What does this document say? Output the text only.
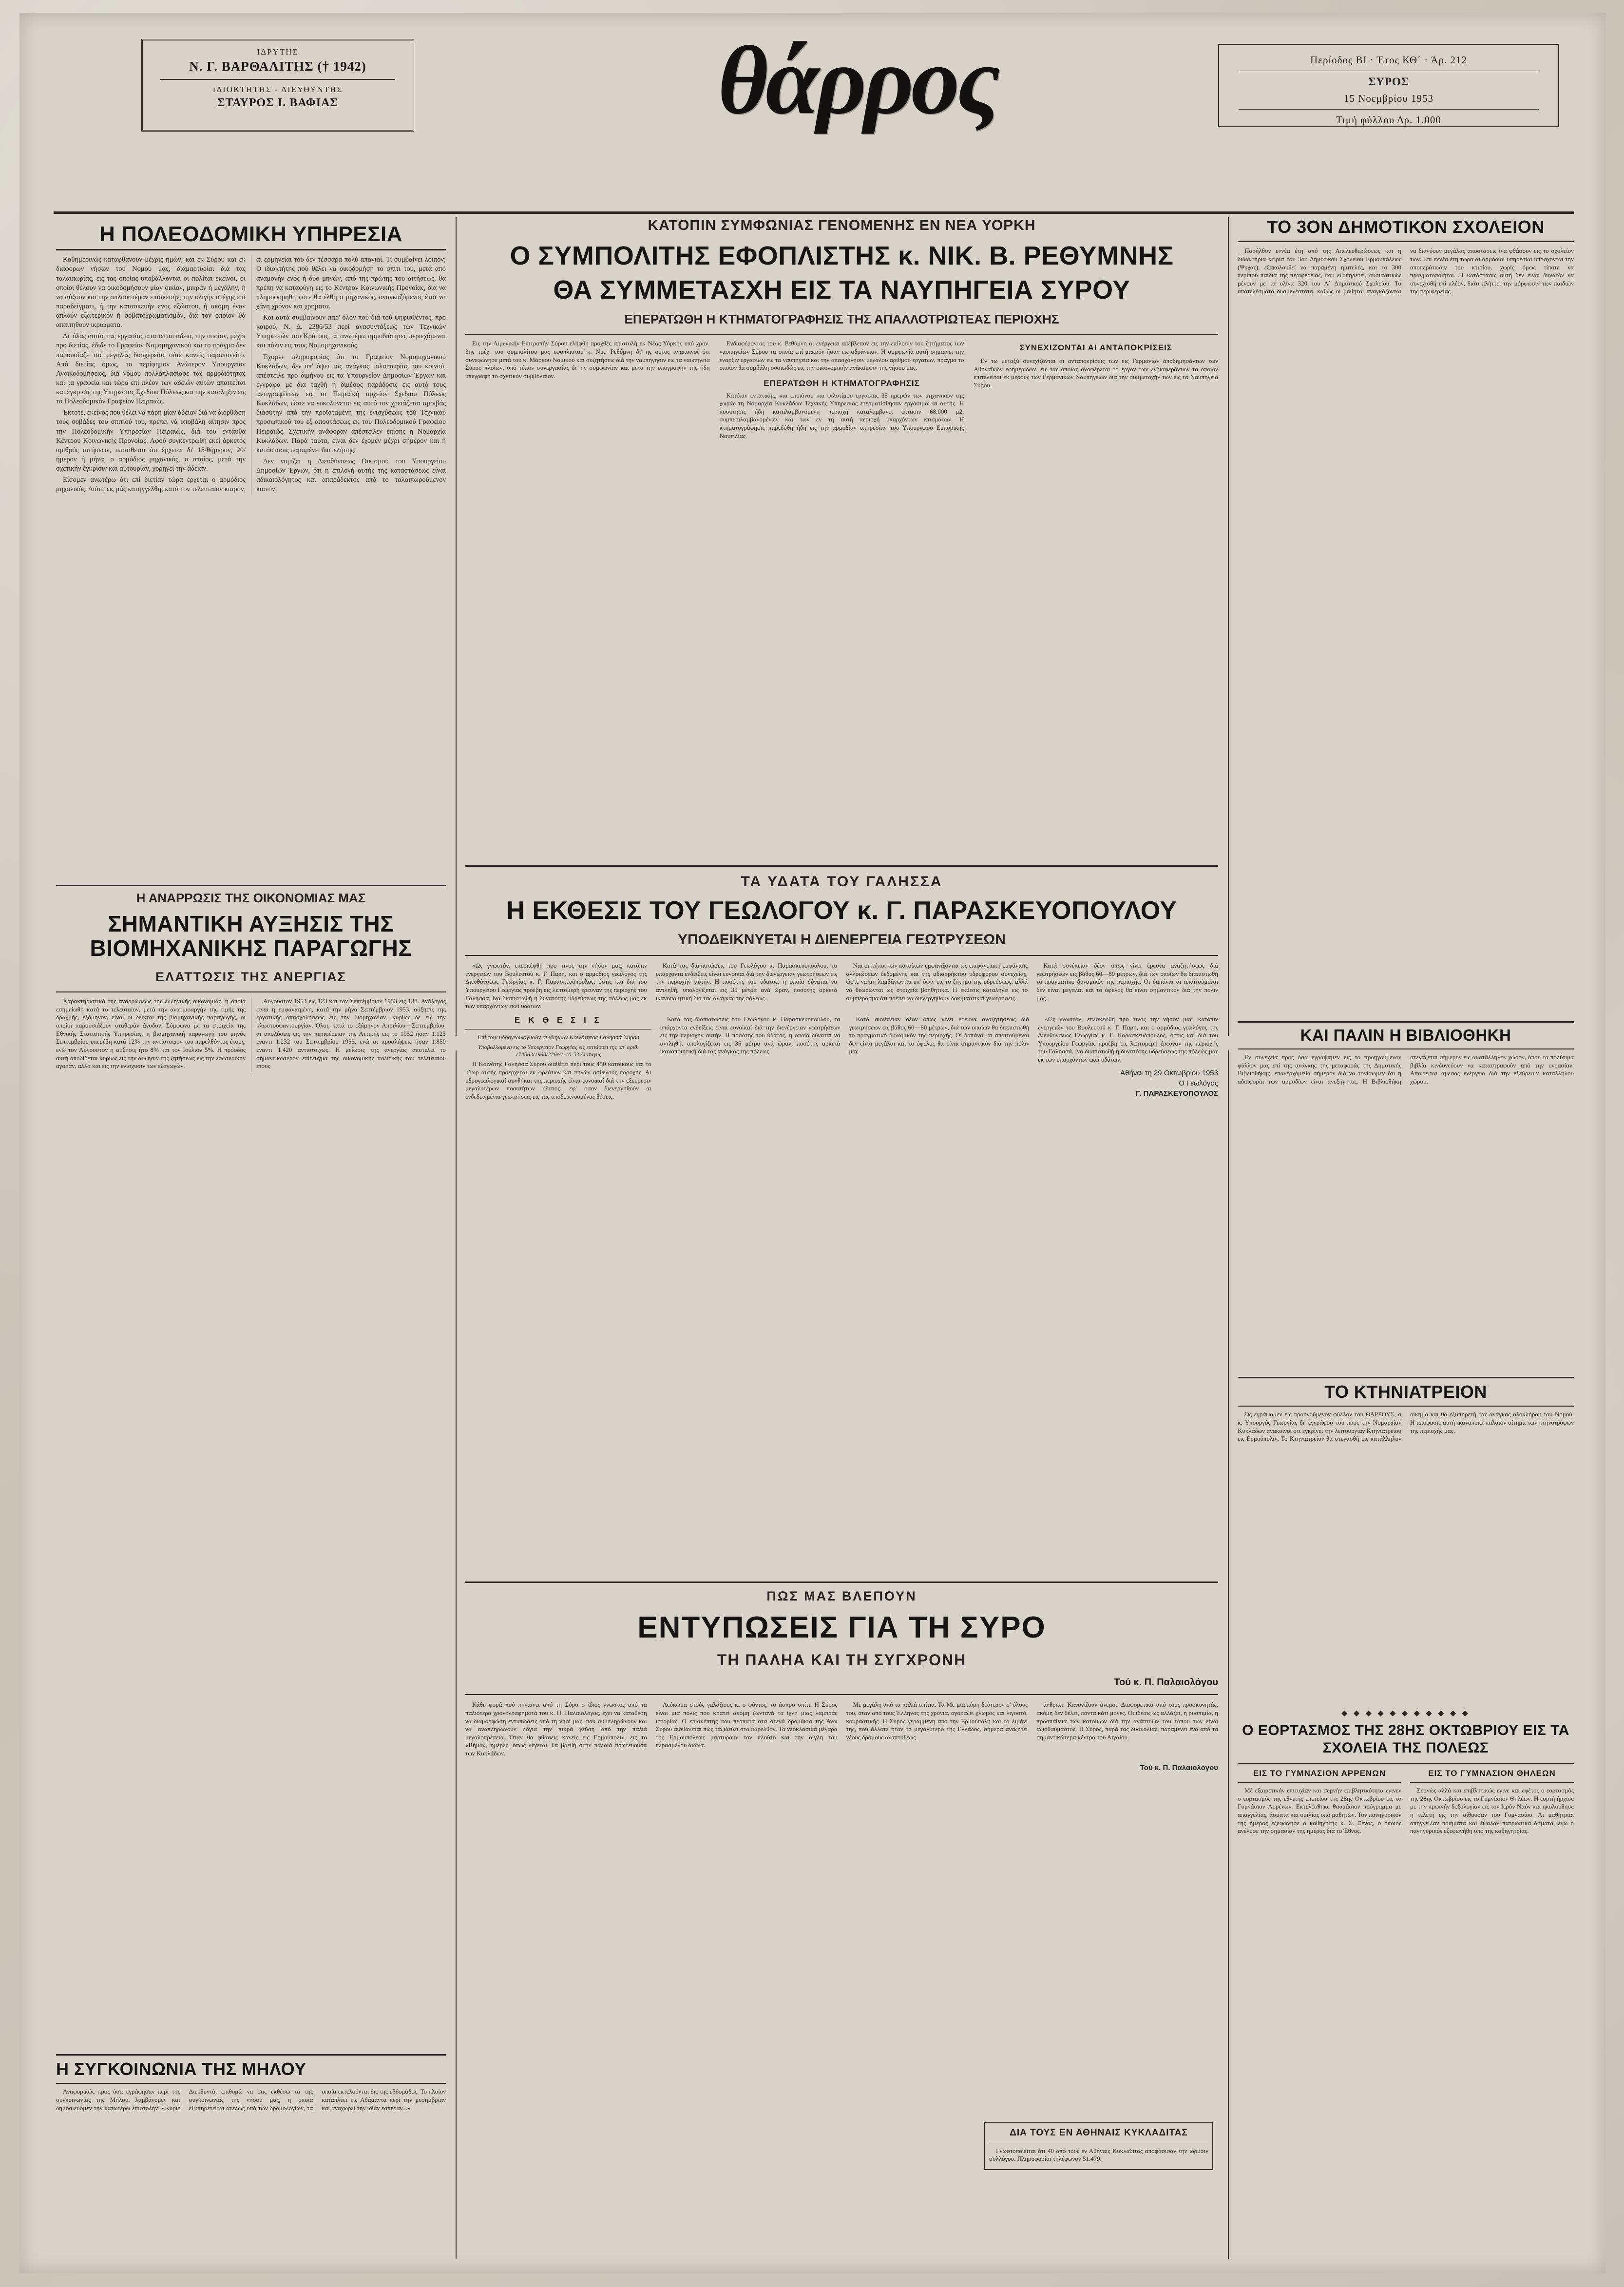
ΙΔΡΥΤΗΣ
Ν. Γ. ΒΑΡΘΑΛΙΤΗΣ († 1942)
ΙΔΙΟΚΤΗΤΗΣ - ΔΙΕΥΘΥΝΤΗΣ
ΣΤΑΥΡΟΣ Ι. ΒΑΦΙΑΣ	θάρρος	Περίοδος ΒΙ · Έτος ΚΘ΄ · Άρ. 212
ΣΥΡΟΣ
15 Νοεμβρίου 1953
Τιμή φύλλου Δρ. 1.000
Η ΠΟΛΕΟΔΟΜΙΚΗ ΥΠΗΡΕΣΙΑ

Καθημερινώς καταφθάνουν μέχρις ημών, και εκ Σύρου και εκ διαφόρων νήσων του Νομού μας, διαμαρτυρίαι διά τας ταλαιπωρίας, εις τας οποίας υποβάλλονται οι πολίται εκείνοι, οι οποίοι θέλουν να οικοδομήσουν μίαν οικίαν, μικράν ή μεγάλην, ή να αύξουν και την απλουστέραν επισκευήν, την ολιγήν στέγης επί παραδείγματι, ή την κατασκευήν ενός εξώστου, ή ακόμη έναν απλούν εξωτερικόν ή σοβατοχρωματισμόν, διά τον οποίον θά απαιτηθούν ικριώματα.

Δι' όλας αυτάς τας εργασίας απαιτείται άδεια, την οποίαν, μέχρι προ διετίας, έδιδε το Γραφείον Νομομηχανικού και το πράγμα δεν παρουσίαζε τας μεγάλας δυσχερείας ούτε κανείς παραπονείτο. Από διετίας όμως, το περίφημον Ανώτερον Υπουργείον Ανοικοδομήσεως, διά νόμου πολλαπλασίασε τας αρμοδιότητας και τα γραφεία και τώρα επί πλέον των αδειών αυτών απαιτείται και έγκρισις της Υπηρεσίας Σχεδίου Πόλεως και την κατάληξιν εις το Πολεοδομικόν Γραφείον Πειραιώς.

Έκτοτε, εκείνος που θέλει να πάρη μίαν άδειαν διά να διορθώση τούς σοβάδες του σπιτιού του, πρέπει νά υποβάλη αίτησιν προς την Πολεοδομικήν Υπηρεσίαν Πειραιώς, διά του εντάυθα Κέντρου Κοινωνικής Προνοίας. Αφού συγκεντρωθή εκεί άρκετός αριθμός αιτήσεων, υποτίθεται ότι έρχεται δι' 15/θήμερον, 20/ήμερον ή μήνα, ο αρμόδιος μηχανικός, ο οποίος, μετά την σχετικήν έγκρισιν και αυτουρίαν, χορηγεί την άδειαν.

Είσομεν ανωτέρω ότι επί διετίαν τώρα έρχεται ο αρμόδιος μηχανικός. Διότι, ως μάς κατηγγέλθη, κατά τον τελευταίον καιρόν, αι ερμηνείαι του δεν τέσσαρα πολύ απανιαί. Τι συμβαίνει λοιπόν; Ο ιδιοκτήτης πού θέλει να οικοδομήση το σπίτι του, μετά από αναμονήν ενός ή δύο μηνών, από της πρώτης του αιτήσεως, θα πρέπη να καταφύγη εις το Κέντρον Κοινωνικής Προνοίας, διά να πληροφορηθή πότε θα έλθη ο μηχανικός, αναγκαζόμενος έτσι να χάνη χρόνον και χρήματα.

Και αυτά συμβαίνουν παρ' όλον πού διά τού ψηφισθέντος, προ καιρού, Ν. Δ. 2386/53 περί ανασυντάξεως των Τεχνικών Υπηρεσιών του Κράτους, αι ανωτέρω αρμοδιότητες περιεχόμεναι και πάλιν εις τους Νομομηχανικούς.

Έχομεν πληροφορίας ότι το Γραφείον Νομομηχανικού Κυκλάδων, δεν υπ' όψει τας ανάγκας ταλαιπωρίας του κοινού, απέστειλε προ διμήνου εις τα Υπουργείον Δημοσίων Έργων και έγγραφα με δια ταχθή ή διμέσος παράδοσις εις αυτό τους αντιγραφέντων εις το Πειραϊκή αρχείον Σχεδίου Πόλεως Κυκλάδων, ώστε να ευκολύνεται εις αυτό τον χρειάζεται αμοιβάς διασύτην από την προϊσταμένη της ενισχύσεως τού Τεχνικού προσωπικού του εξ αποστάσεως εκ του Πολεοδομικού Γραφείου Πειραιώς. Σχετικήν ανάφοραν απέστειλεν επίσης η Νομαρχία Κυκλάδων. Παρά ταύτα, είναι δεν έχομεν μέχρι σήμερον και ή κατάστασις παραμένει διατελήσης.

Δεν νομίζει η Διευθύνσεως Οικισμού του Υπουργείου Δημοσίων Έργων, ότι η επιλογή αυτής της καταστάσεως είναι αδικαιολόγητος και απαράδεκτος από το ταλαιπωρούμενον κοινόν;

Η ΑΝΑΡΡΩΣΙΣ ΤΗΣ ΟΙΚΟΝΟΜΙΑΣ ΜΑΣ
ΣΗΜΑΝΤΙΚΗ ΑΥΞΗΣΙΣ ΤΗΣ ΒΙΟΜΗΧΑΝΙΚΗΣ ΠΑΡΑΓΩΓΗΣ
ΕΛΑΤΤΩΣΙΣ ΤΗΣ ΑΝΕΡΓΙΑΣ

Χαρακτηριστικά της αναρρώσεως της ελληνικής οικονομίας, η οποία εσημείωθη κατά το τελευταίον, μετά την ανατιμοαργήν της τιμής της δραχμής, εξάμηνον, είναι οι δείκται της βιομηχανικής παραγωγής, οι οποίοι παρουσιάζουν σταθεράν άνοδον. Σύμφωνα με τα στοιχεία της Εθνικής Στατιστικής Υπηρεσίας, η βιομηχανική παραγωγή του μηνός Σεπτεμβρίου υπερέβη κατά 12% την αντίστοιχον του παρελθόντος έτους, ενώ τον Αύγουστον η αύξησις ήτο 8% και τον Ιούλιον 5%. Η πρόοδος αυτή αποδίδεται κυρίως εις την αύξησιν της ζητήσεως εις την εσωτερικήν αγοράν, αλλά και εις την ενίσχυσιν των εξαγωγών.

Αύγουστον 1953 εις 123 και τον Σεπτέμβριον 1953 εις 138. Ανάλογος είναι η εμφανισμένη, κατά την μήνα Σεπτέμβριον 1953, αύξησις της εργατικής απασχολήσεως εις την βιομηχανίαν, κυρίως δε εις την κλωστοϋφαντουργίαν. Όλοι, κατά το εξάμηνον Απριλίου—Σεπτεμβρίου, αι απολύσεις εις την περιφέρειαν της Αττικής εις το 1952 ήσαν 1.125 έναντι 1.232 του Σεπτεμβρίου 1953, ενώ αι προσλήψεις ήσαν 1.850 έναντι 1.420 αντιστοίχως. Η μείωσις της ανεργίας αποτελεί το σημαντικώτερον επίτευγμα της οικονομικής πολιτικής του τελευταίου έτους.

Η ΣΥΓΚΟΙΝΩΝΙΑ ΤΗΣ ΜΗΛΟΥ

Αναφορικώς προς όσα εγράφησαν περί της συγκοινωνίας της Μήλου, λαμβάνομεν και δημοσιεύομεν την κατωτέρω επιστολήν: «Κύριε Διευθυντά, επιθυμώ να σας εκθέσω τα της συγκοινωνίας της νήσου μας, η οποία εξυπηρετείται ατελώς υπό των δρομολογίων, τα οποία εκτελούνται δις της εβδομάδος. Το πλοίον καταπλέει εις Αδάμαντα περί την μεσημβρίαν και αναχωρεί την ιδίαν εσπέραν...»

ΚΑΤΟΠΙΝ ΣΥΜΦΩΝΙΑΣ ΓΕΝΟΜΕΝΗΣ ΕΝ ΝΕΑ ΥΟΡΚΗ
Ο ΣΥΜΠΟΛΙΤΗΣ ΕΦΟΠΛΙΣΤΗΣ κ. ΝΙΚ. Β. ΡΕΘΥΜΝΗΣ
ΘΑ ΣΥΜΜΕΤΑΣΧΗ ΕΙΣ ΤΑ ΝΑΥΠΗΓΕΙΑ ΣΥΡΟΥ
ΕΠΕΡΑΤΩΘΗ Η ΚΤΗΜΑΤΟΓΡΑΦΗΣΙΣ ΤΗΣ ΑΠΑΛΛΟΤΡΙΩΤΕΑΣ ΠΕΡΙΟΧΗΣ

Εις την Λιμενικήν Επιτροπήν Σύρου ελήφθη προχθές απιστολή εκ Νέας Υόρκης υπό χρον. 3ης τρέχ. του συμπολίτου μας εφοπλιστού κ. Νικ. Ρεθύμνη δι' ης ούτος ανακοινοί ότι συνεφώνησε μετά του κ. Μάρκου Νομικού και συζητήσεις διά την ναυπήγησιν εις τα ναυπηγεία Σύρου πλοίων, υπό τύπον συνεργασίας δι' ην συμφωνίαν και μετά την υπογραφήν της ήδη υπεγράφη το σχετικόν συμβόλαιον.

Ενδιαφέροντος του κ. Ρεθύμνη αι ενέργειαι απέβλεπον εις την επίλυσιν του ζητήματος των ναυπηγείων Σύρου τα οποία επί μακρόν ήσαν εις αδράνειαν. Η συμφωνία αυτή σημαίνει την έναρξιν εργασιών εις τα ναυπηγεία και την απασχόλησιν μεγάλου αριθμού εργατών, πράγμα το οποίον θα συμβάλη ουσιωδώς εις την οικονομικήν ανάκαμψιν της νήσου μας.

ΕΠΕΡΑΤΩΘΗ Η ΚΤΗΜΑΤΟΓΡΑΦΗΣΙΣ

Κατόπιν εντατικής, και επιπόνου και φιλοτίμου εργασίας 35 ημερών των μηχανικών της χωράς τη Νομαρχία Κυκλάδων Τεχνικής Υπηρεσίας ετερματίσθησαν εργάσιμοι αι αυτής. Η ποσότησις ήδη καταλαμβανόμενη περιοχή καταλαμβάνει έκτασιν 68.000 μ2, συμπεριλαμβανομένων και των εν τη αυτή περιοχή υπαρχόντων κτισμάτων. Η κτηματογράφησις παρεδόθη ήδη εις την αρμοδίαν υπηρεσίαν του Υπουργείου Εμπορικής Ναυτιλίας.

ΣΥΝΕΧΙΖΟΝΤΑΙ ΑΙ ΑΝΤΑΠΟΚΡΙΣΕΙΣ

Εν τω μεταξύ συνεχίζονται αι ανταποκρίσεις των εις Γερμανίαν άποδημησάντων των Αθηναϊκών εφημερίδων, εις τας οποίας αναφέρεται το έργον των ενδιαφερόντων το οποίον επιτελείται εκ μέρους των Γερμανικών Ναυπηγείων διά την συμμετοχήν των εις τα Ναυπηγεία Σύρου.

ΤΟ 3ΟΝ ΔΗΜΟΤΙΚΟΝ ΣΧΟΛΕΙΟΝ

Παρήλθον εννέα έτη από της Απελευθερώσεως και η διδακτήρια κτίρια του 3ου Δημοτικού Σχολείου Ερμουπόλεως (Ψυχάς), εξακολουθεί να παραμένη ημιτελές, και το 300 περίπου παιδιά της περιφερείας, που εξυπηρετεί, ουσιαστικώς μένουν με τα ολίγα 320 του Α΄ Δημοτικού Σχολείου. Το αποτελέσματα δυσμενέστατα, καθώς οι μαθηταί αναγκάζονται να διανύουν μεγάλας αποστάσεις ίνα φθάσουν εις το σχολείον των. Επί εννέα έτη τώρα αι αρμόδιαι υπηρεσίαι υπόσχονται την αποπεράτωσιν του κτιρίου, χωρίς όμως τίποτε να πραγματοποιήται. Η κατάστασις αυτή δεν είναι δυνατόν να συνεχισθή επί πλέον, διότι πλήττει την μόρφωσιν των παιδιών της περιφερείας.

ΚΑΙ ΠΑΛΙΝ Η ΒΙΒΛΙΟΘΗΚΗ

Εν συνεχεία προς όσα εγράψαμεν εις το προηγούμενον φύλλον μας επί της ανάγκης της μεταφοράς της Δημοτικής Βιβλιοθήκης, επανερχόμεθα σήμερον διά να τονίσωμεν ότι η αδιαφορία των αρμοδίων είναι ανεξήγητος. Η Βιβλιοθήκη στεγάζεται σήμερον εις ακατάλληλον χώρον, όπου τα πολύτιμα βιβλία κινδυνεύουν να καταστραφούν από την υγρασίαν. Απαιτείται άμεσος ενέργεια διά την εξεύρεσιν καταλλήλου χώρου.

ΤΟ ΚΤΗΝΙΑΤΡΕΙΟΝ

Ως εγράψαμεν εις προηγούμενον φύλλον του ΘΑΡΡΟΥΣ, ο κ. Υπουργός Γεωργίας δι' εγγράφου του προς την Νομαρχίαν Κυκλάδων ανακοινοί ότι εγκρίνει την λειτουργίαν Κτηνιατρείου εις Ερμούπολιν. Το Κτηνιατρείον θα στεγασθή εις κατάλληλον οίκημα και θα εξυπηρετή τας ανάγκας ολοκλήρου του Νομού. Η απόφασις αυτή ικανοποιεί παλαιόν αίτημα των κτηνοτρόφων της περιοχής μας.

◆ ◆ ◆ ◆ ◆ ◆ ◆ ◆ ◆ ◆ ◆
Ο ΕΟΡΤΑΣΜΟΣ ΤΗΣ 28ΗΣ ΟΚΤΩΒΡΙΟΥ ΕΙΣ ΤΑ ΣΧΟΛΕΙΑ ΤΗΣ ΠΟΛΕΩΣ
ΕΙΣ ΤΟ ΓΥΜΝΑΣΙΟΝ ΑΡΡΕΝΩΝ

Μέ εξαιρετικήν επιτυχίαν και σεμνήν επιβλητικότητα εγινεν ο εορτασμός της εθνικής επετείου της 28ης Οκτωβρίου εις το Γυμνάσιον Αρρένων. Εκτελέσθηκε θαυμάσιον πρόγραμμα με απαγγελίας, άσματα και ομιλίας υπό μαθητών. Τον πανηγυρικόν της ημέρας εξεφώνησε ο καθηγητής κ. Σ. Ξένος, ο οποίος ανέλυσε την σημασίαν της ημέρας διά το Έθνος.

ΕΙΣ ΤΟ ΓΥΜΝΑΣΙΟΝ ΘΗΛΕΩΝ

Σεμνώς αλλά και επιβλητικώς εγινε και εφέτος ο εορτασμός της 28ης Οκτωβρίου εις το Γυμνάσιον Θηλέων. Η εορτή ήρχισε με την πρωινήν δοξολογίαν εις τον Ιερόν Ναόν και ηκολούθησε η τελετή εις την αίθουσαν του Γυμνασίου. Αι μαθήτριαι απήγγειλαν ποιήματα και έψαλαν πατριωτικά άσματα, ενώ ο πανηγυρικός εξεφωνήθη υπό της καθηγητρίας.

ΤΑ ΥΔΑΤΑ ΤΟΥ ΓΑΛΗΣΣΑ
Η ΕΚΘΕΣΙΣ ΤΟΥ ΓΕΩΛΟΓΟΥ κ. Γ. ΠΑΡΑΣΚΕΥΟΠΟΥΛΟΥ
ΥΠΟΔΕΙΚΝΥΕΤΑΙ Η ΔΙΕΝΕΡΓΕΙΑ ΓΕΩΤΡΥΣΕΩΝ

«Ως γνωστόν, επεσκέφθη προ τινος την νήσον μας, κατόπιν ενεργειών του Βουλευτού κ. Γ. Παρη, και ο αρμόδιος γεωλόγος της Διευθύνσεως Γεωργίας κ. Γ. Παρασκευόπουλος, όστις και διά του Υπουργείου Γεωργίας προέβη εις λεπτομερή έρευναν της περιοχής του Γαλησσά, ίνα διαπιστωθή η δυνατότης υδρεύσεως της πόλεώς μας εκ των υπαρχόντων εκεί υδάτων.

Κατά τας διαπιστώσεις του Γεωλόγου κ. Παρασκευοπούλου, τα υπάρχοντα ενδείξεις είναι ευνοϊκαί διά την διενέργειαν γεωτρήσεων εις την περιοχήν αυτήν. Η ποσότης του ύδατος, η οποία δύναται να αντληθή, υπολογίζεται εις 35 μέτρα ανά ώραν, ποσότης αρκετά ικανοποιητική διά τας ανάγκας της πόλεως.

Ναι οι κήποι των κατοίκων εμφανίζονται ως επιφανειακή εμφάνισις αλλοιώσεων δεδομένης και της αδιαρρήκτου υδροφόρου συνεχείας, ώστε να μη λαμβάνωνται υπ' όψιν εις το ζήτημα της υδρεύσεως, αλλά να θεωρώνται ως στοιχεία βοηθητικά. Η έκθεσις καταλήγει εις το συμπέρασμα ότι πρέπει να διενεργηθούν δοκιμαστικαί γεωτρήσεις.

Κατά συνέπειαν δέον όπως γίνει έρευνα αναζητήσεως διά γεωτρήσεων εις βάθος 60—80 μέτρων, διά των οποίων θα διαπιστωθή το πραγματικό δυναμικόν της περιοχής. Οι δαπάναι αι απαιτούμεναι δεν είναι μεγάλαι και το όφελος θα είναι σημαντικόν διά την πόλιν μας.

Ε Κ Θ Ε Σ Ι Σ

Επί των υδρογεωλογικών συνθηκών Κοινότητος Γαλησσά Σύρου

Υποβαλλομένη εις το Υπουργείον Γεωργίας εις επιτάσσει της υπ' αριθ. 174563/1963/226ε/1-10-53 Διαταγής

Η Κοινότης Γαλησσά Σύρου διαθέτει περί τους 450 κατοίκους και το ύδωρ αυτής προέρχεται εκ φρεάτων και πηγών ασθενούς παροχής. Αι υδρογεωλογικαί συνθήκαι της περιοχής είναι ευνοϊκαί διά την εξεύρεσιν μεγαλυτέρων ποσοτήτων ύδατος, εφ' όσον διενεργηθούν αι ενδεδειγμέναι γεωτρήσεις εις τας υποδεικνυομένας θέσεις.

Κατά τας διαπιστώσεις του Γεωλόγου κ. Παρασκευοπούλου, τα υπάρχοντα ενδείξεις είναι ευνοϊκαί διά την διενέργειαν γεωτρήσεων εις την περιοχήν αυτήν. Η ποσότης του ύδατος, η οποία δύναται να αντληθή, υπολογίζεται εις 35 μέτρα ανά ώραν, ποσότης αρκετά ικανοποιητική διά τας ανάγκας της πόλεως.

Κατά συνέπειαν δέον όπως γίνει έρευνα αναζητήσεως διά γεωτρήσεων εις βάθος 60—80 μέτρων, διά των οποίων θα διαπιστωθή το πραγματικό δυναμικόν της περιοχής. Οι δαπάναι αι απαιτούμεναι δεν είναι μεγάλαι και το όφελος θα είναι σημαντικόν διά την πόλιν μας.

«Ως γνωστόν, επεσκέφθη προ τινος την νήσον μας, κατόπιν ενεργειών του Βουλευτού κ. Γ. Παρη, και ο αρμόδιος γεωλόγος της Διευθύνσεως Γεωργίας κ. Γ. Παρασκευόπουλος, όστις και διά του Υπουργείου Γεωργίας προέβη εις λεπτομερή έρευναν της περιοχής του Γαλησσά, ίνα διαπιστωθή η δυνατότης υδρεύσεως της πόλεώς μας εκ των υπαρχόντων εκεί υδάτων.

Αθήναι τη 29 Οκτωβρίου 1953
Ο Γεωλόγος
Γ. ΠΑΡΑΣΚΕΥΟΠΟΥΛΟΣ
ΠΩΣ ΜΑΣ ΒΛΕΠΟΥΝ
ΕΝΤΥΠΩΣΕΙΣ ΓΙΑ ΤΗ ΣΥΡΟ
ΤΗ ΠΑΛΗΑ ΚΑΙ ΤΗ ΣΥΓΧΡΟΝΗ
Τού κ. Π. Παλαιολόγου

Κάθε φορά πού πηγαίνει από τη Σύρο ο ίδιος γνωστός από τα παλιότερα χρονογραφήματά του κ. Π. Παλαιολόγος, έχει να καταθέση να διαμορφώση εντυπώσεις από τη νησί μας, που συμπληρώνουν και να αναπληρώνουν λόγια την πικρά γεύση από την παλιά μεγαλοπρέπεια. Όταν θα φθάσεις κανείς εις Ερμούπολιν, εις το «Βήμα», ημέρες, όπως λέγεται, θα βρεθή στην παλαιά πρωτεύουσα των Κυκλάδων.

Λεύκωμα στούς γαλάζιους κι ο φόντος, το άσπρο σπίτι. Η Σύρος είναι μια πόλις που κρατεί ακόμη ζωντανά τα ίχνη μιας λαμπράς ιστορίας. Ο επισκέπτης που περπατά στα στενά δρομάκια της Άνω Σύρου αισθάνεται πώς ταξιδεύει στο παρελθόν. Τα νεοκλασικά μέγαρα της Ερμουπόλεως μαρτυρούν τον πλούτο και την αίγλη του περασμένου αιώνα.

Με μεγάλη από τα παλιά σπίτια. Τα Με μια πόρη δεύτερον σ' όλους του, όταν από τους Έλληνας της χρόνια, αγοράζει χλωμός και λιγοστό, κουραστικής. Η Σύρος γεραμμένη από την Ερμούπολη και το λιμάνι της, που άλλοτε ήταν το μεγαλύτερο της Ελλάδος, σήμερα αναζητεί νέους δρόμους αναπτύξεως.

άνθρωπ. Κανονίζουν άνεμοι. Διαφορετικά από τους προσκυνητάς, ακόμη δεν θέλει, πάντα κάτι μόνες. Οι ιδέαις ως αλλάζει, η ρυσπιμία, η προσπάθεια των κατοίκων διά την ανάπτυξιν του τόπου των είναι αξιοθαύμαστος. Η Σύρος, παρά τας δυσκολίας, παραμένει ένα από τα σημαντικώτερα κέντρα του Αιγαίου.

Τού κ. Π. Παλαιολόγου
ΔΙΑ ΤΟΥΣ ΕΝ ΑΘΗΝΑΙΣ ΚΥΚΛΑΔΙΤΑΣ

Γνωστοποιείται ότι 40 από τούς εν Αθήναις Κυκλαδίτας αποφάσισαν την ίδρυσιν συλλόγου. Πληροφορίαι τηλέφωνον 51.479.
